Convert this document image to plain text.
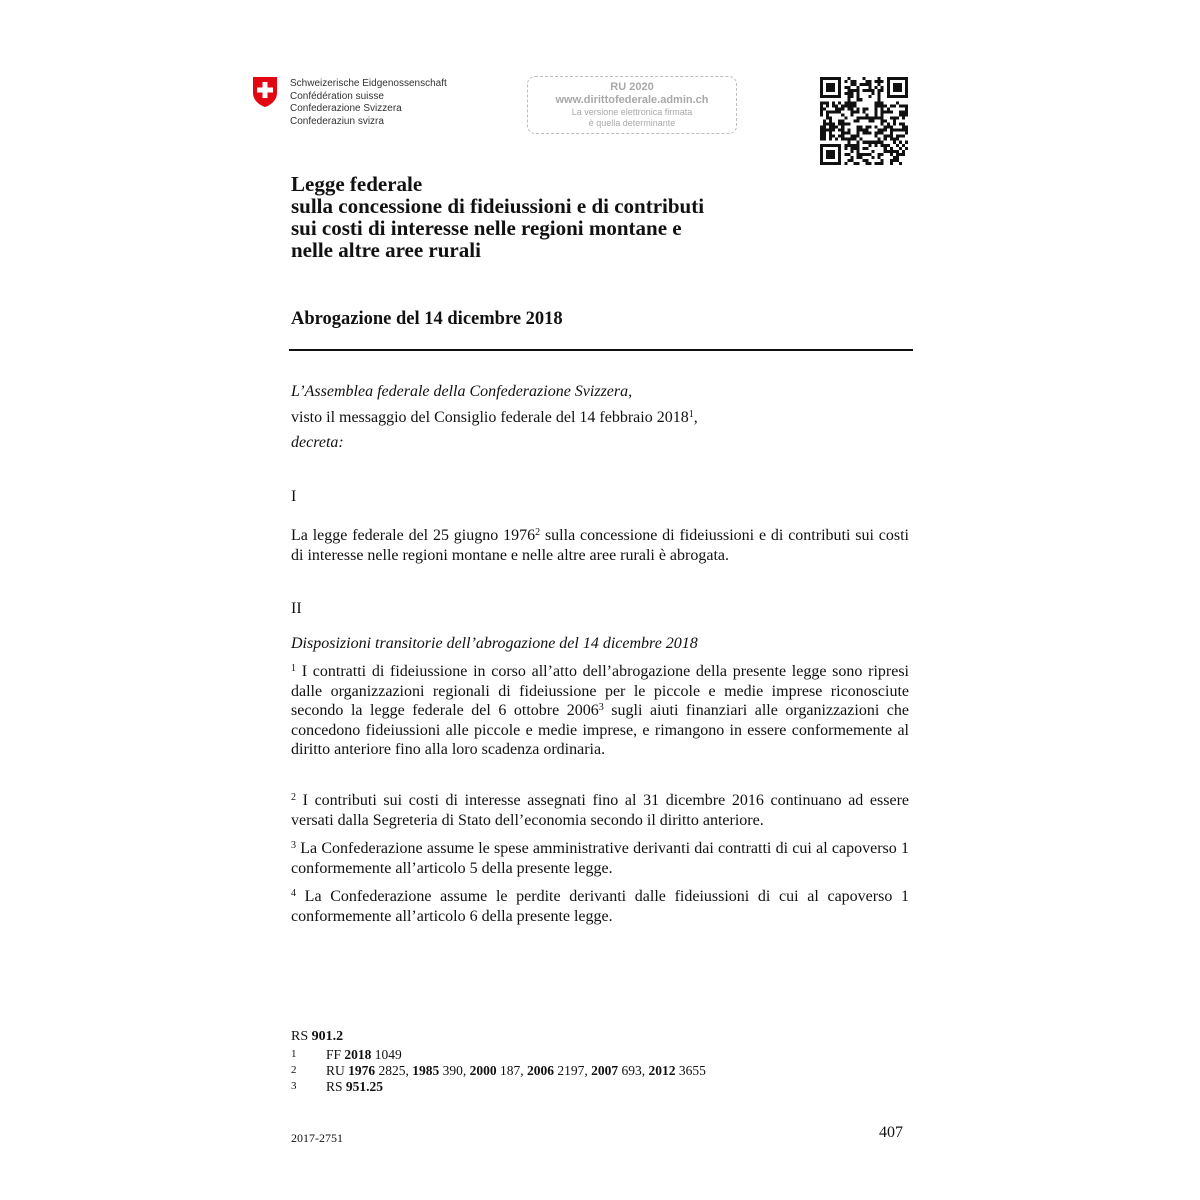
Schweizerische Eidgenossenschaft
Confédération suisse
Confederazione Svizzera
Confederaziun svizra
RU 2020
www.dirittofederale.admin.ch
La versione elettronica firmata
è quella determinante
Legge federale
sulla concessione di fideiussioni e di contributi
sui costi di interesse nelle regioni montane e
nelle altre aree rurali
Abrogazione del 14 dicembre 2018
L’Assemblea federale della Confederazione Svizzera,
visto il messaggio del Consiglio federale del 14 febbraio 2018$^1$,
decreta:
I
La legge federale del 25 giugno 1976$^2$ sulla concessione di fideiussioni e di contributi sui costi di interesse nelle regioni montane e nelle altre aree rurali è abrogata.
II
Disposizioni transitorie dell’abrogazione del 14 dicembre 2018
$^1$ I contratti di fideiussione in corso all’atto dell’abrogazione della presente legge sono ripresi dalle organizzazioni regionali di fideiussione per le piccole e medie imprese riconosciute secondo la legge federale del 6 ottobre 2006$^3$ sugli aiuti finanziari alle organizzazioni che concedono fideiussioni alle piccole e medie imprese, e rimangono in essere conformemente al diritto anteriore fino alla loro scadenza ordinaria.
$^2$ I contributi sui costi di interesse assegnati fino al 31 dicembre 2016 continuano ad essere versati dalla Segreteria di Stato dell’economia secondo il diritto anteriore.
$^3$ La Confederazione assume le spese amministrative derivanti dai contratti di cui al capoverso 1 conformemente all’articolo 5 della presente legge.
$^4$ La Confederazione assume le perdite derivanti dalle fideiussioni di cui al capoverso 1 conformemente all’articolo 6 della presente legge.
RS 901.2
1 FF 2018 1049
2 RU 1976 2825, 1985 390, 2000 187, 2006 2197, 2007 693, 2012 3655
3 RS 951.25
2017-2751	407
